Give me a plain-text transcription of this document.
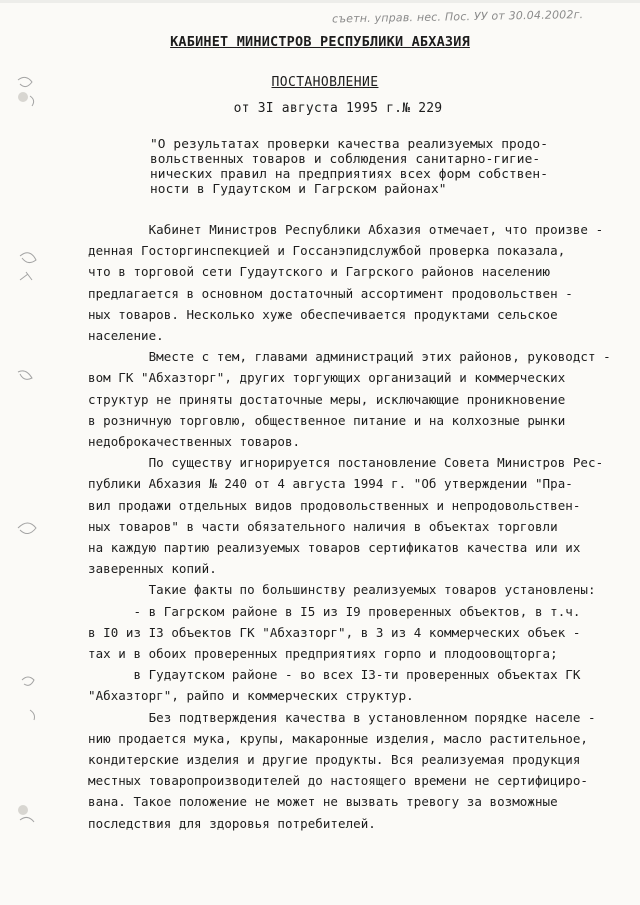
съетн. управ. нес. Пос. УУ от 30.04.2002г.
КАБИНЕТ МИНИСТРОВ РЕСПУБЛИКИ АБХАЗИЯ
ПОСТАНОВЛЕНИЕ
от 3I августа 1995 г.№ 229
"О результатах проверки качества реализуемых продо-
вольственных товаров и соблюдения санитарно-гигие-
нических правил на предприятиях всех форм собствен-
ности в Гудаутском и Гагрском районах"
Кабинет Министров Республики Абхазия отмечает, что произве -
денная Гостоpгинспекцией и Госсанэпидслужбой проверка показала,
что в торговой сети Гудаутского и Гагрского районов населению
предлагается в основном достаточный ассортимент продовольствен -
ных товаров. Несколько хуже обеспечивается продуктами сельское
население.
Вместе с тем, главами администраций этих районов, руководст -
вом ГК "Абхазторг", других торгующих организаций и коммерческих
структур не приняты достаточные меры, исключающие проникновение
в розничную торговлю, общественное питание и на колхозные рынки
недоброкачественных товаров.
По существу игнорируется постановление Совета Министров Рес-
публики Абхазия № 240 от 4 августа 1994 г. "Об утверждении "Пра-
вил продажи отдельных видов продовольственных и непродовольствен-
ных товаров" в части обязательного наличия в объектах торговли
на каждую партию реализуемых товаров сертификатов качества или их
заверенных копий.
Такие факты по большинству реализуемых товаров установлены:
- в Гагрском районе в I5 из I9 проверенных объектов, в т.ч.
в I0 из I3 объектов ГК "Абхазторг", в 3 из 4 коммерческих объек -
тах и в обоих проверенных предприятиях горпо и плодоовощторга;
в Гудаутском районе - во всех I3-ти проверенных объектах ГК
"Абхазторг", райпо и коммерческих структур.
Без подтверждения качества в установленном порядке населе -
нию продается мука, крупы, макаронные изделия, масло растительное,
кондитерские изделия и другие продукты. Вся реализуемая продукция
местных товаропроизводителей до настоящего времени не сертифициро-
вана. Такое положение не может не вызвать тревогу за возможные
последствия для здоровья потребителей.
